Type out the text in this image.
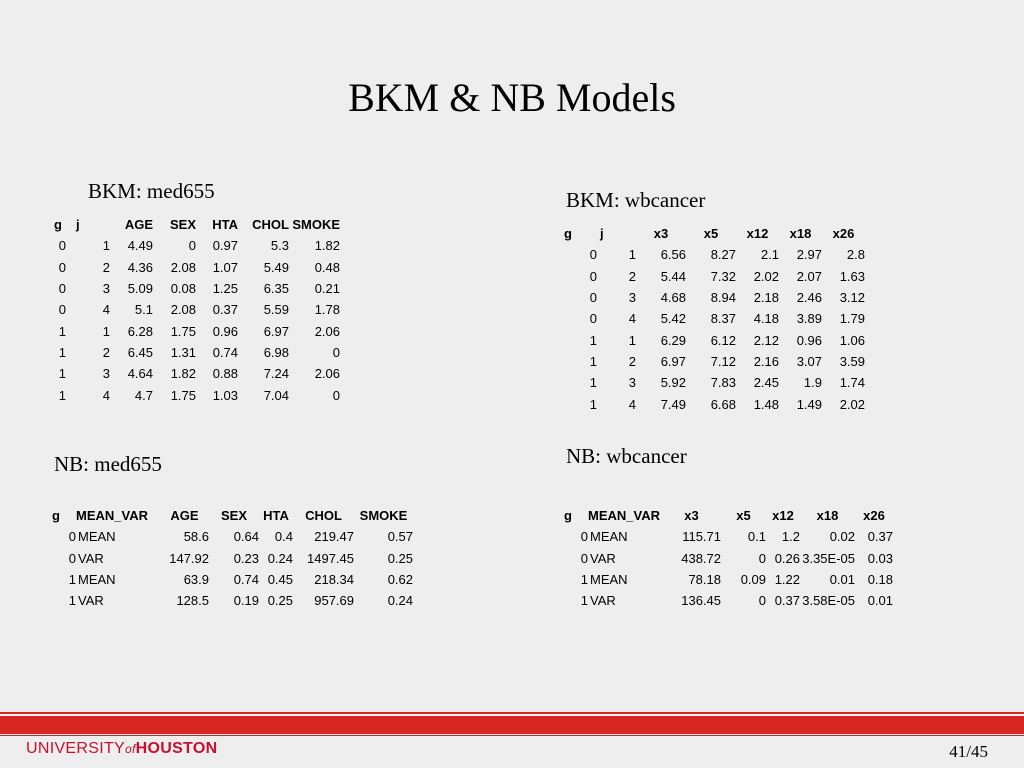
BKM & NB Models
BKM: med655
g	j	AGE	SEX	HTA	CHOL	SMOKE
0	1	4.49	0	0.97	5.3	1.82
0	2	4.36	2.08	1.07	5.49	0.48
0	3	5.09	0.08	1.25	6.35	0.21
0	4	5.1	2.08	0.37	5.59	1.78
1	1	6.28	1.75	0.96	6.97	2.06
1	2	6.45	1.31	0.74	6.98	0
1	3	4.64	1.82	0.88	7.24	2.06
1	4	4.7	1.75	1.03	7.04	0
BKM: wbcancer
g	j	x3	x5	x12	x18	x26
0	1	6.56	8.27	2.1	2.97	2.8
0	2	5.44	7.32	2.02	2.07	1.63
0	3	4.68	8.94	2.18	2.46	3.12
0	4	5.42	8.37	4.18	3.89	1.79
1	1	6.29	6.12	2.12	0.96	1.06
1	2	6.97	7.12	2.16	3.07	3.59
1	3	5.92	7.83	2.45	1.9	1.74
1	4	7.49	6.68	1.48	1.49	2.02
NB: med655
g	MEAN_VAR	AGE	SEX	HTA	CHOL	SMOKE
0	MEAN	58.6	0.64	0.4	219.47	0.57
0	VAR	147.92	0.23	0.24	1497.45	0.25
1	MEAN	63.9	0.74	0.45	218.34	0.62
1	VAR	128.5	0.19	0.25	957.69	0.24
NB: wbcancer
g	MEAN_VAR	x3	x5	x12	x18	x26
0	MEAN	115.71	0.1	1.2	0.02	0.37
0	VAR	438.72	0	0.26	3.35E-05	0.03
1	MEAN	78.18	0.09	1.22	0.01	0.18
1	VAR	136.45	0	0.37	3.58E-05	0.01
UNIVERSITYofHOUSTON	41/45
